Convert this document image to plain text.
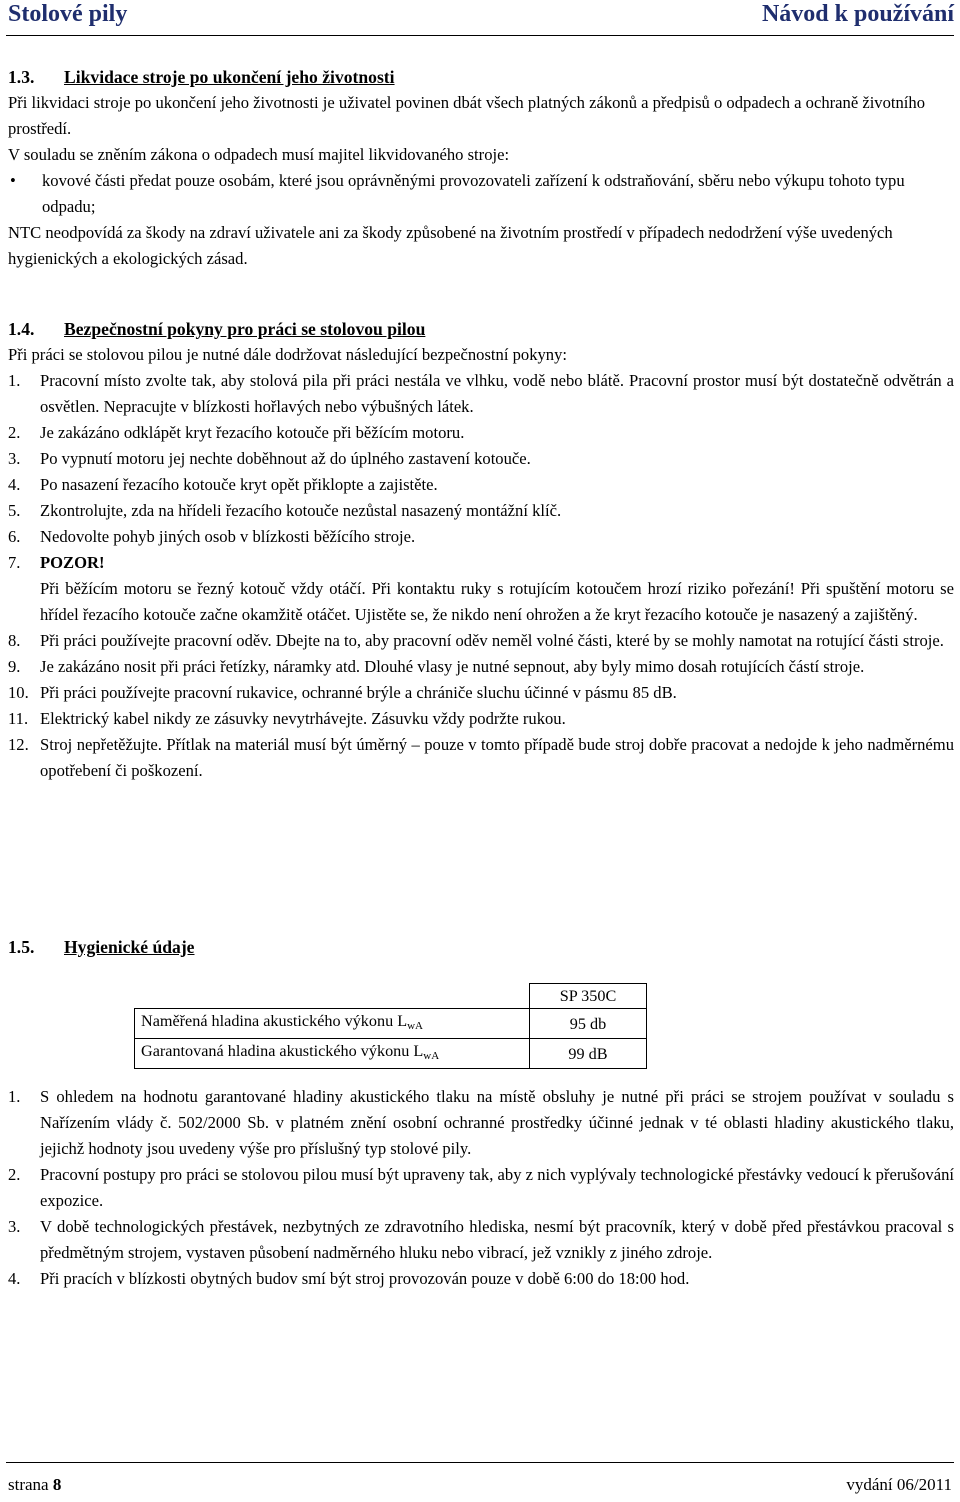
Stolové pily	Návod k používání
1.3. Likvidace stroje po ukončení jeho životnosti

Při likvidaci stroje po ukončení jeho životnosti je uživatel povinen dbát všech platných zákonů a předpisů o odpadech a ochraně životního prostředí.

V souladu se zněním zákona o odpadech musí majitel likvidovaného stroje:

•	kovové části předat pouze osobám, které jsou oprávněnými provozovateli zařízení k odstraňování, sběru nebo výkupu tohoto typu odpadu;

NTC neodpovídá za škody na zdraví uživatele ani za škody způsobené na životním prostředí v případech nedodržení výše uvedených hygienických a ekologických zásad.

1.4. Bezpečnostní pokyny pro práci se stolovou pilou

Při práci se stolovou pilou je nutné dále dodržovat následující bezpečnostní pokyny:

1.	Pracovní místo zvolte tak, aby stolová pila při práci nestála ve vlhku, vodě nebo blátě. Pracovní prostor musí být dostatečně odvětrán a osvětlen. Nepracujte v blízkosti hořlavých nebo výbušných látek.
2.	Je zakázáno odklápět kryt řezacího kotouče při běžícím motoru.
3.	Po vypnutí motoru jej nechte doběhnout až do úplného zastavení kotouče.
4.	Po nasazení řezacího kotouče kryt opět přiklopte a zajistěte.
5.	Zkontrolujte, zda na hřídeli řezacího kotouče nezůstal nasazený montážní klíč.
6.	Nedovolte pohyb jiných osob v blízkosti běžícího stroje.
7.	POZOR!
Při běžícím motoru se řezný kotouč vždy otáčí. Při kontaktu ruky s rotujícím kotoučem hrozí riziko pořezání! Při spuštění motoru se hřídel řezacího kotouče začne okamžitě otáčet. Ujistěte se, že nikdo není ohrožen a že kryt řezacího kotouče je nasazený a zajištěný.
8.	Při práci používejte pracovní oděv. Dbejte na to, aby pracovní oděv neměl volné části, které by se mohly namotat na rotující části stroje.
9.	Je zakázáno nosit při práci řetízky, náramky atd. Dlouhé vlasy je nutné sepnout, aby byly mimo dosah rotujících částí stroje.
10. Při práci používejte pracovní rukavice, ochranné brýle a chrániče sluchu účinné v pásmu 85 dB.
11. Elektrický kabel nikdy ze zásuvky nevytrhávejte. Zásuvku vždy podržte rukou.
12. Stroj nepřetěžujte. Přítlak na materiál musí být úměrný – pouze v tomto případě bude stroj dobře pracovat a nedojde k jeho nadměrnému opotřebení či poškození.
1.5. Hygienické údaje
	SP 350C
Naměřená hladina akustického výkonu $L_{wA}$	95 db
Garantovaná hladina akustického výkonu $L_{wA}$	99 dB
1.	S ohledem na hodnotu garantované hladiny akustického tlaku na místě obsluhy je nutné při práci se strojem používat v souladu s Nařízením vlády č. 502/2000 Sb. v platném znění osobní ochranné prostředky účinné jednak v té oblasti hladiny akustického tlaku, jejichž hodnoty jsou uvedeny výše pro příslušný typ stolové pily.
2.	Pracovní postupy pro práci se stolovou pilou musí být upraveny tak, aby z nich vyplývaly technologické přestávky vedoucí k přerušování expozice.
3.	V době technologických přestávek, nezbytných ze zdravotního hlediska, nesmí být pracovník, který v době před přestávkou pracoval s předmětným strojem, vystaven působení nadměrného hluku nebo vibrací, jež vznikly z jiného zdroje.
4.	Při pracích v blízkosti obytných budov smí být stroj provozován pouze v době 6:00 do 18:00 hod.
strana 8	vydání 06/2011
